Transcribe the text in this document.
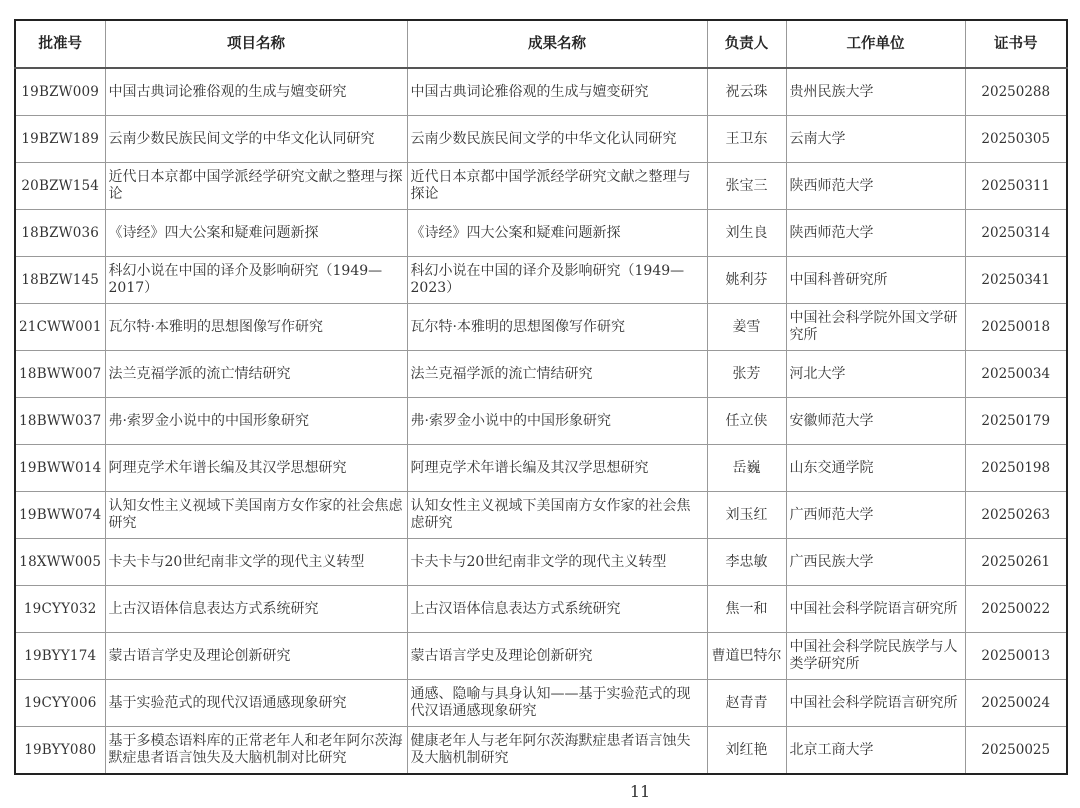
批准号	项目名称	成果名称	负责人	工作单位	证书号
19BZW009	中国古典词论雅俗观的生成与嬗变研究	中国古典词论雅俗观的生成与嬗变研究	祝云珠	贵州民族大学	20250288
19BZW189	云南少数民族民间文学的中华文化认同研究	云南少数民族民间文学的中华文化认同研究	王卫东	云南大学	20250305
20BZW154	近代日本京都中国学派经学研究文献之整理与探论	近代日本京都中国学派经学研究文献之整理与探论	张宝三	陕西师范大学	20250311
18BZW036	《诗经》四大公案和疑难问题新探	《诗经》四大公案和疑难问题新探	刘生良	陕西师范大学	20250314
18BZW145	科幻小说在中国的译介及影响研究（1949—2017）	科幻小说在中国的译介及影响研究（1949—2023）	姚利芬	中国科普研究所	20250341
21CWW001	瓦尔特·本雅明的思想图像写作研究	瓦尔特·本雅明的思想图像写作研究	姜雪	中国社会科学院外国文学研究所	20250018
18BWW007	法兰克福学派的流亡情结研究	法兰克福学派的流亡情结研究	张芳	河北大学	20250034
18BWW037	弗·索罗金小说中的中国形象研究	弗·索罗金小说中的中国形象研究	任立侠	安徽师范大学	20250179
19BWW014	阿理克学术年谱长编及其汉学思想研究	阿理克学术年谱长编及其汉学思想研究	岳巍	山东交通学院	20250198
19BWW074	认知女性主义视域下美国南方女作家的社会焦虑研究	认知女性主义视域下美国南方女作家的社会焦虑研究	刘玉红	广西师范大学	20250263
18XWW005	卡夫卡与20世纪南非文学的现代主义转型	卡夫卡与20世纪南非文学的现代主义转型	李忠敏	广西民族大学	20250261
19CYY032	上古汉语体信息表达方式系统研究	上古汉语体信息表达方式系统研究	焦一和	中国社会科学院语言研究所	20250022
19BYY174	蒙古语言学史及理论创新研究	蒙古语言学史及理论创新研究	曹道巴特尔	中国社会科学院民族学与人类学研究所	20250013
19CYY006	基于实验范式的现代汉语通感现象研究	通感、隐喻与具身认知——基于实验范式的现代汉语通感现象研究	赵青青	中国社会科学院语言研究所	20250024
19BYY080	基于多模态语料库的正常老年人和老年阿尔茨海默症患者语言蚀失及大脑机制对比研究	健康老年人与老年阿尔茨海默症患者语言蚀失及大脑机制研究	刘红艳	北京工商大学	20250025
11
